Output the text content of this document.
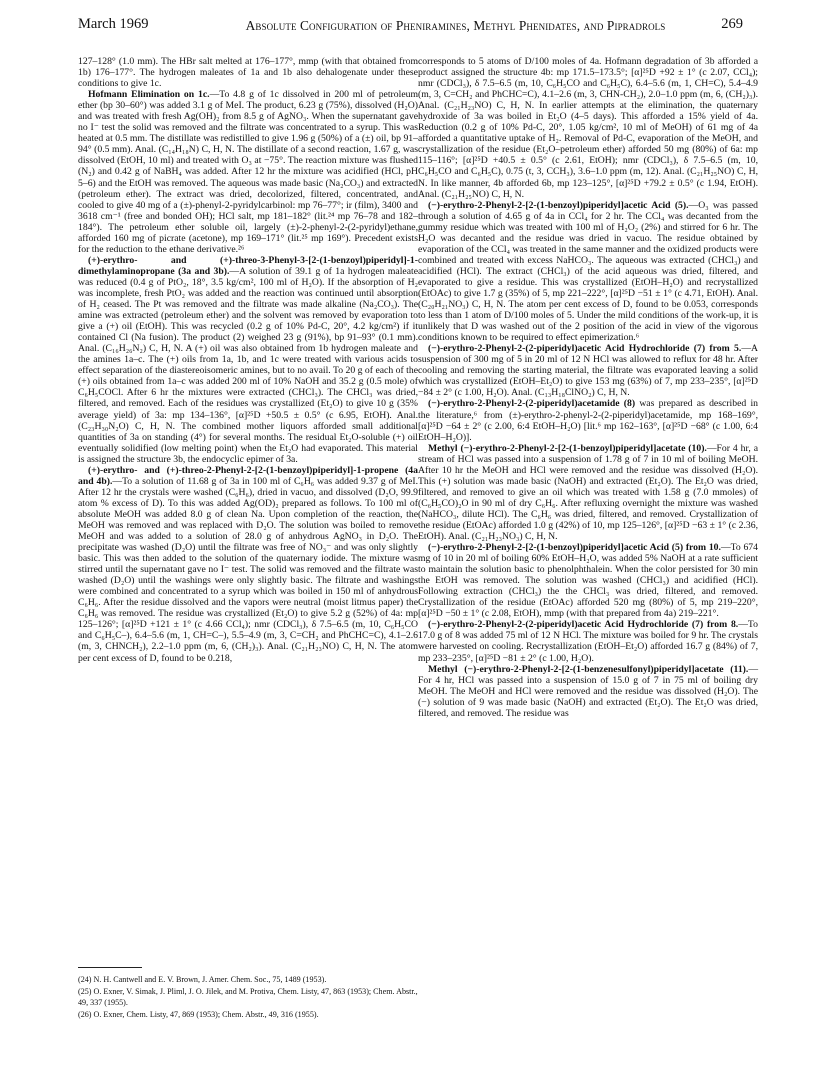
March 1969	Absolute Configuration of Pheniramines, Methyl Phenidates, and Pipradrols	269

127–128° (1.0 mm). The HBr salt melted at 176–177°, mmp (with that obtained from 1b) 176–177°. The hydrogen maleates of 1a and 1b also dehalogenate under these conditions to give 1c.

Hofmann Elimination on 1c.—To 4.8 g of 1c dissolved in 200 ml of petroleum ether (bp 30–60°) was added 3.1 g of MeI. The product, 6.23 g (75%), dissolved (H₂O) and was treated with fresh Ag(OH)₂ from 8.5 g of AgNO₃. When the supernatant gave no I⁻ test the solid was removed and the filtrate was concentrated to a syrup. This was heated at 0.5 mm. The distillate was redistilled to give 1.96 g (50%) of a (±) oil, bp 91–94° (0.5 mm). Anal. (C₁₄H₁₈N) C, H, N. The distillate of a second reaction, 1.67 g, was dissolved (EtOH, 10 ml) and treated with O₃ at −75°. The reaction mixture was flushed (N₂) and 0.42 g of NaBH₄ was added. After 12 hr the mixture was acidified (HCl, pH 5–6) and the EtOH was removed. The aqueous was made basic (Na₂CO₃) and extracted (petroleum ether). The extract was dried, decolorized, filtered, concentrated, and cooled to give 40 mg of a (±)-phenyl-2-pyridylcarbinol: mp 76–77°; ir (film), 3400 and 3618 cm⁻¹ (free and bonded OH); HCl salt, mp 181–182° (lit.²⁴ mp 76–78 and 182–184°). The petroleum ether soluble oil, largely (±)-2-phenyl-2-(2-pyridyl)ethane, afforded 160 mg of picrate (acetone), mp 169–171° (lit.²⁵ mp 169°). Precedent exists for the reduction to the ethane derivative.²⁶

(+)-erythro- and (+)-threo-3-Phenyl-3-[2-(1-benzoyl)piperidyl]-1-dimethylaminopropane (3a and 3b).—A solution of 39.1 g of 1a hydrogen maleate was reduced (0.4 g of PtO₂, 18°, 3.5 kg/cm², 100 ml of H₂O). If the absorption of H₂ was incomplete, fresh PtO₂ was added and the reaction was continued until absorption of H₂ ceased. The Pt was removed and the filtrate was made alkaline (Na₂CO₃). The amine was extracted (petroleum ether) and the solvent was removed by evaporation to give a (+) oil (EtOH). This was recycled (0.2 g of 10% Pd-C, 20°, 4.2 kg/cm²) if it contained Cl (Na fusion). The product (2) weighed 23 g (91%), bp 91–93° (0.1 mm). Anal. (C₁₆H₂₆N₂) C, H, N. A (+) oil was also obtained from 1b hydrogen maleate and the amines 1a–c. The (+) oils from 1a, 1b, and 1c were treated with various acids to effect separation of the diastereoisomeric amines, but to no avail. To 20 g of each of the (+) oils obtained from 1a–c was added 200 ml of 10% NaOH and 35.2 g (0.5 mole) of C₆H₅COCl. After 6 hr the mixtures were extracted (CHCl₃). The CHCl₃ was dried, filtered, and removed. Each of the residues was crystallized (Et₂O) to give 10 g (35% average yield) of 3a: mp 134–136°, [α]²⁵D +50.5 ± 0.5° (c 6.95, EtOH). Anal. (C₂₃H₃₀N₂O) C, H, N. The combined mother liquors afforded small additional quantities of 3a on standing (4°) for several months. The residual Et₂O-soluble (+) oil eventually solidified (low melting point) when the Et₂O had evaporated. This material is assigned the structure 3b, the endocyclic epimer of 3a.

(+)-erythro- and (+)-threo-2-Phenyl-2-[2-(1-benzoyl)piperidyl]-1-propene (4a and 4b).—To a solution of 11.68 g of 3a in 100 ml of C₆H₆ was added 9.37 g of MeI. After 12 hr the crystals were washed (C₆H₆), dried in vacuo, and dissolved (D₂O, 99.9 atom % excess of D). To this was added Ag(OD)₂ prepared as follows. To 100 ml of absolute MeOH was added 8.0 g of clean Na. Upon completion of the reaction, the MeOH was removed and was replaced with D₂O. The solution was boiled to remove MeOH and was added to a solution of 28.0 g of anhydrous AgNO₃ in D₂O. The precipitate was washed (D₂O) until the filtrate was free of NO₃⁻ and was only slightly basic. This was then added to the solution of the quaternary iodide. The mixture was stirred until the supernatant gave no I⁻ test. The solid was removed and the filtrate was washed (D₂O) until the washings were only slightly basic. The filtrate and washings were combined and concentrated to a syrup which was boiled in 150 ml of anhydrous C₆H₆. After the residue dissolved and the vapors were neutral (moist litmus paper) the C₆H₆ was removed. The residue was crystallized (Et₂O) to give 5.2 g (52%) of 4a: mp 125–126°; [α]²⁵D +121 ± 1° (c 4.66 CCl₄); nmr (CDCl₃), δ 7.5–6.5 (m, 10, C₆H₅CO and C₆H₅C–), 6.4–5.6 (m, 1, CH=C–), 5.5–4.9 (m, 3, C=CH₂ and PhCHC=C), 4.1–2.6 (m, 3, CHNCH₂), 2.2–1.0 ppm (m, 6, (CH₂)₃). Anal. (C₂₁H₂₃NO) C, H, N. The atom per cent excess of D, found to be 0.218,

corresponds to 5 atoms of D/100 moles of 4a. Hofmann degradation of 3b afforded a product assigned the structure 4b: mp 171.5–173.5°; [α]²⁵D +92 ± 1° (c 2.07, CCl₄); nmr (CDCl₃), δ 7.5–6.5 (m, 10, C₆H₅CO and C₆H₅C), 6.4–5.6 (m, 1, CH=C), 5.4–4.9 (m, 3, C=CH₂ and PhCHC=C), 4.1–2.6 (m, 3, CHN-CH₂), 2.0–1.0 ppm (m, 6, (CH₂)₃). Anal. (C₂₁H₂₃NO) C, H, N. In earlier attempts at the elimination, the quaternary hydroxide of 3a was boiled in Et₂O (4–5 days). This afforded a 15% yield of 4a. Reduction (0.2 g of 10% Pd-C, 20°, 1.05 kg/cm², 10 ml of MeOH) of 61 mg of 4a afforded a quantitative uptake of H₂. Removal of Pd-C, evaporation of the MeOH, and crystallization of the residue (Et₂O–petroleum ether) afforded 50 mg (80%) of 6a: mp 115–116°; [α]²⁵D +40.5 ± 0.5° (c 2.61, EtOH); nmr (CDCl₃), δ 7.5–6.5 (m, 10, C₆H₅CO and C₆H₅C), 0.75 (t, 3, CCH₃), 3.6–1.0 ppm (m, 12). Anal. (C₂₁H₂₅NO) C, H, N. In like manner, 4b afforded 6b, mp 123–125°, [α]²⁵D +79.2 ± 0.5° (c 1.94, EtOH). Anal. (C₂₁H₂₅NO) C, H, N.

(−)-erythro-2-Phenyl-2-[2-(1-benzoyl)piperidyl]acetic Acid (5).—O₃ was passed through a solution of 4.65 g of 4a in CCl₄ for 2 hr. The CCl₄ was decanted from the gummy residue which was treated with 100 ml of H₂O₂ (2%) and stirred for 6 hr. The H₂O was decanted and the residue was dried in vacuo. The residue obtained by evaporation of the CCl₄ was treated in the same manner and the oxidized products were combined and treated with excess NaHCO₃. The aqueous was extracted (CHCl₃) and acidified (HCl). The extract (CHCl₃) of the acid aqueous was dried, filtered, and evaporated to give a residue. This was crystallized (EtOH–H₂O) and recrystallized (EtOAc) to give 1.7 g (35%) of 5, mp 221–222°, [α]²⁵D −51 ± 1° (c 4.71, EtOH). Anal. (C₂₀H₂₁NO₃) C, H, N. The atom per cent excess of D, found to be 0.053, corresponds to less than 1 atom of D/100 moles of 5. Under the mild conditions of the work-up, it is unlikely that D was washed out of the 2 position of the acid in view of the vigorous conditions known to be required to effect epimerization.⁶

(−)-erythro-2-Phenyl-2-(2-piperidyl)acetic Acid Hydrochloride (7) from 5.—A suspension of 300 mg of 5 in 20 ml of 12 N HCl was allowed to reflux for 48 hr. After cooling and removing the starting material, the filtrate was evaporated leaving a solid which was crystallized (EtOH–Et₂O) to give 153 mg (63%) of 7, mp 233–235°, [α]²⁵D −84 ± 2° (c 1.00, H₂O). Anal. (C₁₃H₁₈ClNO₂) C, H, N.

(−)-erythro-2-Phenyl-2-(2-piperidyl)acetamide (8) was prepared as described in the literature,⁶ from (±)-erythro-2-phenyl-2-(2-piperidyl)acetamide, mp 168–169°, [α]²⁵D −64 ± 2° (c 2.00, 6:4 EtOH–H₂O) [lit.⁶ mp 162–163°, [α]²⁵D −68° (c 1.00, 6:4 EtOH–H₂O)].

Methyl (−)-erythro-2-Phenyl-2-[2-(1-benzoyl)piperidyl]acetate (10).—For 4 hr, a stream of HCl was passed into a suspension of 1.78 g of 7 in 10 ml of boiling MeOH. After 10 hr the MeOH and HCl were removed and the residue was dissolved (H₂O). This (+) solution was made basic (NaOH) and extracted (Et₂O). The Et₂O was dried, filtered, and removed to give an oil which was treated with 1.58 g (7.0 mmoles) of (C₆H₅CO)₂O in 90 ml of dry C₆H₆. After refluxing overnight the mixture was washed (NaHCO₃, dilute HCl). The C₆H₆ was dried, filtered, and removed. Crystallization of the residue (EtOAc) afforded 1.0 g (42%) of 10, mp 125–126°, [α]²⁵D −63 ± 1° (c 2.36, EtOH). Anal. (C₂₁H₂₃NO₃) C, H, N.

(−)-erythro-2-Phenyl-2-[2-(1-benzoyl)piperidyl]acetic Acid (5) from 10.—To 674 mg of 10 in 20 ml of boiling 60% EtOH–H₂O, was added 5% NaOH at a rate sufficient to maintain the solution basic to phenolphthalein. When the color persisted for 30 min the EtOH was removed. The solution was washed (CHCl₃) and acidified (HCl). Following extraction (CHCl₃) the the CHCl₃ was dried, filtered, and removed. Crystallization of the residue (EtOAc) afforded 520 mg (80%) of 5, mp 219–220°, [α]²⁵D −50 ± 1° (c 2.08, EtOH), mmp (with that prepared from 4a) 219–221°.

(−)-erythro-2-Phenyl-2-(2-piperidyl)acetic Acid Hydrochloride (7) from 8.—To 17.0 g of 8 was added 75 ml of 12 N HCl. The mixture was boiled for 9 hr. The crystals were harvested on cooling. Recrystallization (EtOH–Et₂O) afforded 16.7 g (84%) of 7, mp 233–235°, [α]²⁵D −81 ± 2° (c 1.00, H₂O).

Methyl (−)-erythro-2-Phenyl-2-[2-(1-benzenesulfonyl)piperidyl]acetate (11).—For 4 hr, HCl was passed into a suspension of 15.0 g of 7 in 75 ml of boiling dry MeOH. The MeOH and HCl were removed and the residue was dissolved (H₂O). The (−) solution of 9 was made basic (NaOH) and extracted (Et₂O). The Et₂O was dried, filtered, and removed. The residue was

(24) N. H. Cantwell and E. V. Brown, J. Amer. Chem. Soc., 75, 1489 (1953).
(25) O. Exner, V. Simak, J. Pliml, J. O. Jilek, and M. Protiva, Chem. Listy, 47, 863 (1953); Chem. Abstr., 49, 337 (1955).
(26) O. Exner, Chem. Listy, 47, 869 (1953); Chem. Abstr., 49, 316 (1955).
